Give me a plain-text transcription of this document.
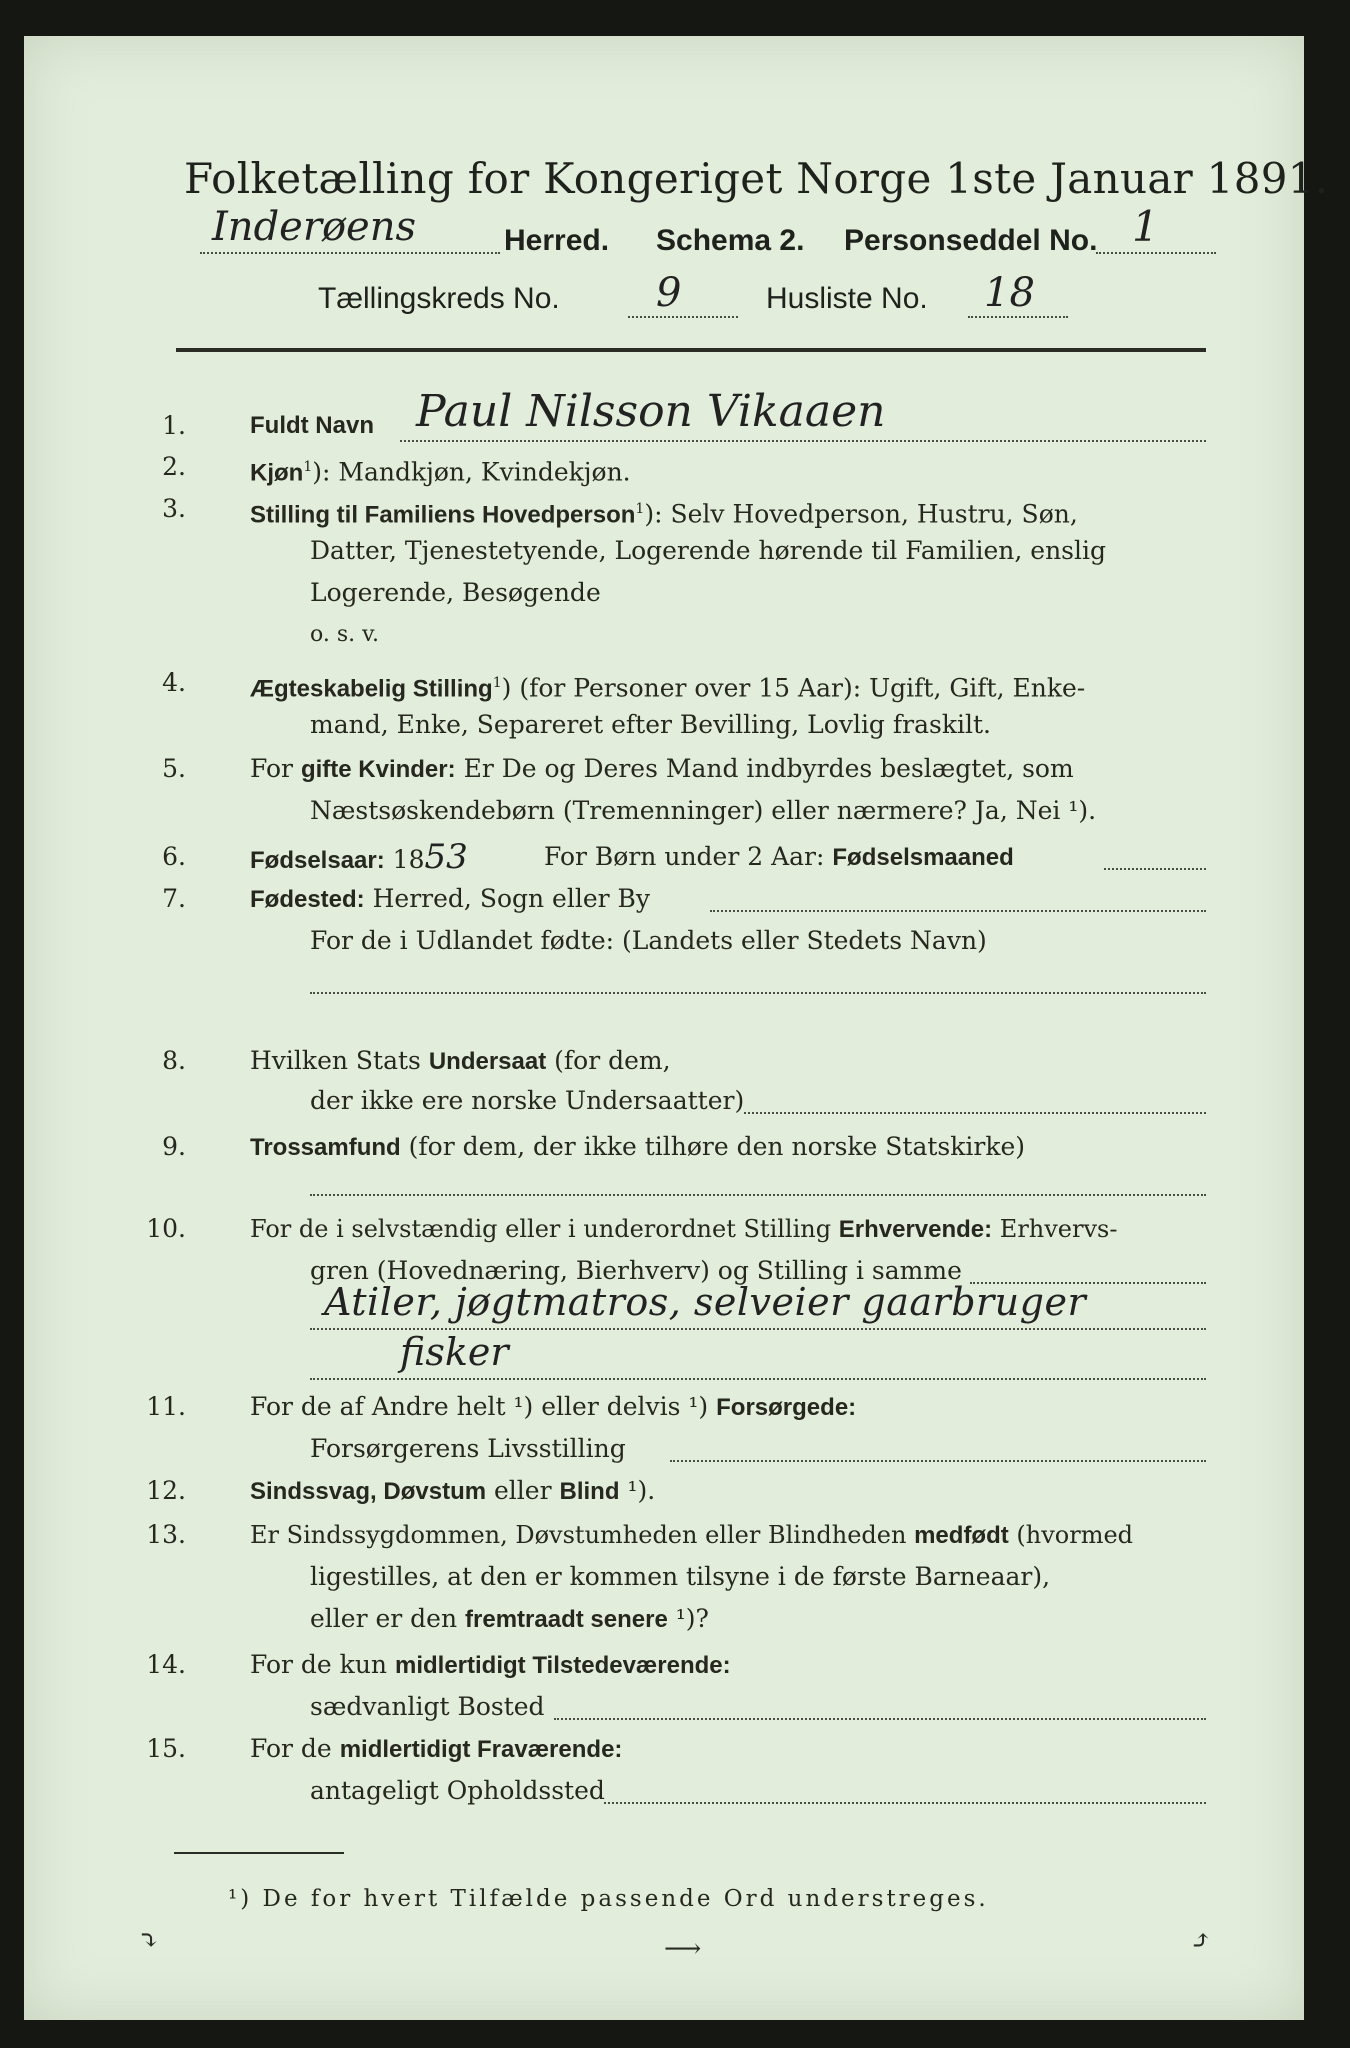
Folketælling for Kongeriget Norge 1ste Januar 1891.
Inderøens	Herred. Schema 2. Personseddel No. 1
Tællingskreds No. 9	Husliste No. 18
1.	Fuldt Navn Paul Nilsson Vikaaen
2.	Kjøn$^1$): Mandkjøn, Kvindekjøn.
3.	Stilling til Familiens Hovedperson$^1$): Selv Hovedperson, Hustru, Søn,
Datter, Tjenestetyende, Logerende hørende til Familien, enslig
Logerende, Besøgende
o. s. v.
4.	Ægteskabelig Stilling$^1$) (for Personer over 15 Aar): Ugift, Gift, Enke-
mand, Enke, Separeret efter Bevilling, Lovlig fraskilt.
5.	For gifte Kvinder: Er De og Deres Mand indbyrdes beslægtet, som
Næstsøskendebørn (Tremenninger) eller nærmere? Ja, Nei ¹).
6.	Fødselsaar: 1853	For Børn under 2 Aar: Fødselsmaaned
7.	Fødested: Herred, Sogn eller By
For de i Udlandet fødte: (Landets eller Stedets Navn)
8.	Hvilken Stats Undersaat (for dem,
der ikke ere norske Undersaatter)
9.	Trossamfund (for dem, der ikke tilhøre den norske Statskirke)
10.	For de i selvstændig eller i underordnet Stilling Erhvervende: Erhvervs-
gren (Hovednæring, Bierhverv) og Stilling i samme
Atiler, jøgtmatros, selveier gaarbruger
fisker
11.	For de af Andre helt ¹) eller delvis ¹) Forsørgede:
Forsørgerens Livsstilling
12.	Sindssvag, Døvstum eller Blind ¹).
13.	Er Sindssygdommen, Døvstumheden eller Blindheden medfødt (hvormed
ligestilles, at den er kommen tilsyne i de første Barneaar),
eller er den fremtraadt senere ¹)?
14.	For de kun midlertidigt Tilstedeværende:
sædvanligt Bosted
15.	For de midlertidigt Fraværende:
antageligt Opholdssted
¹) De for hvert Tilfælde passende Ord understreges.
⤵	⟶	⤴
